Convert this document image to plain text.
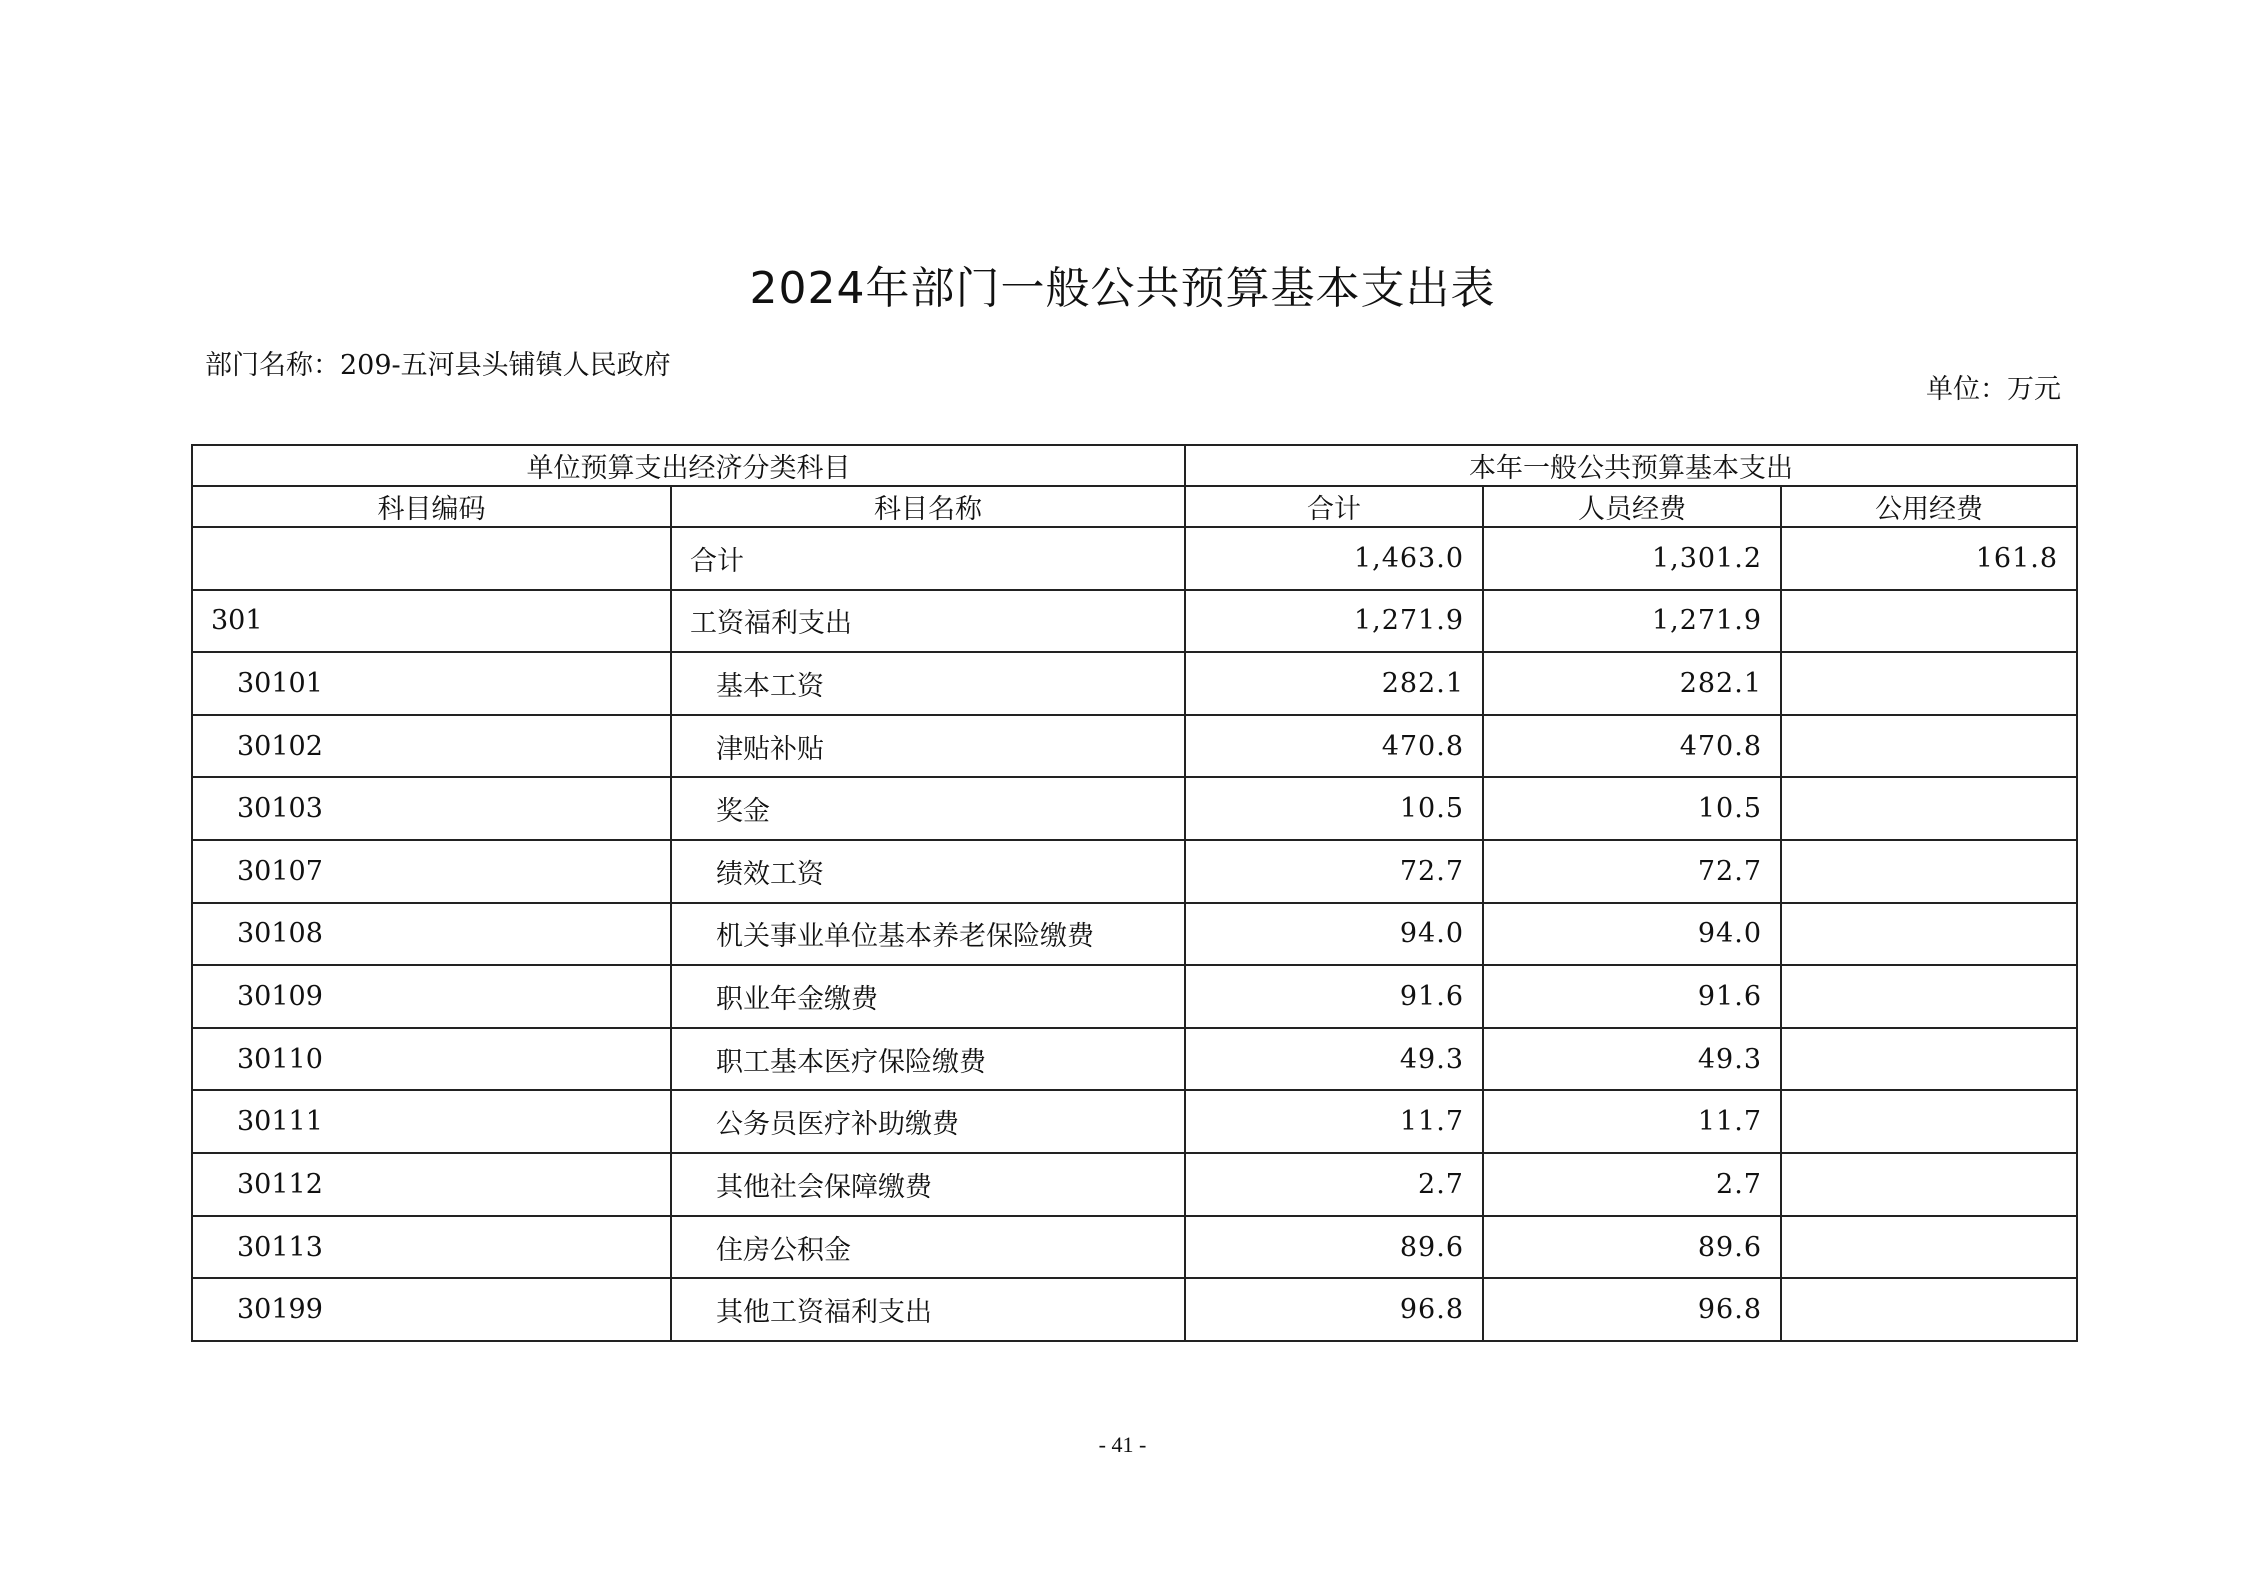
2024年部门一般公共预算基本支出表
部门名称：209-五河县头铺镇人民政府
单位：万元
单位预算支出经济分类科目		本年一般公共预算基本支出		
科目编码	科目名称	合计	人员经费	公用经费
	合计	1,463.0	1,301.2	161.8
301	工资福利支出	1,271.9	1,271.9	
30101	基本工资	282.1	282.1	
30102	津贴补贴	470.8	470.8	
30103	奖金	10.5	10.5	
30107	绩效工资	72.7	72.7	
30108	机关事业单位基本养老保险缴费	94.0	94.0	
30109	职业年金缴费	91.6	91.6	
30110	职工基本医疗保险缴费	49.3	49.3	
30111	公务员医疗补助缴费	11.7	11.7	
30112	其他社会保障缴费	2.7	2.7	
30113	住房公积金	89.6	89.6	
30199	其他工资福利支出	96.8	96.8	
- 41 -
